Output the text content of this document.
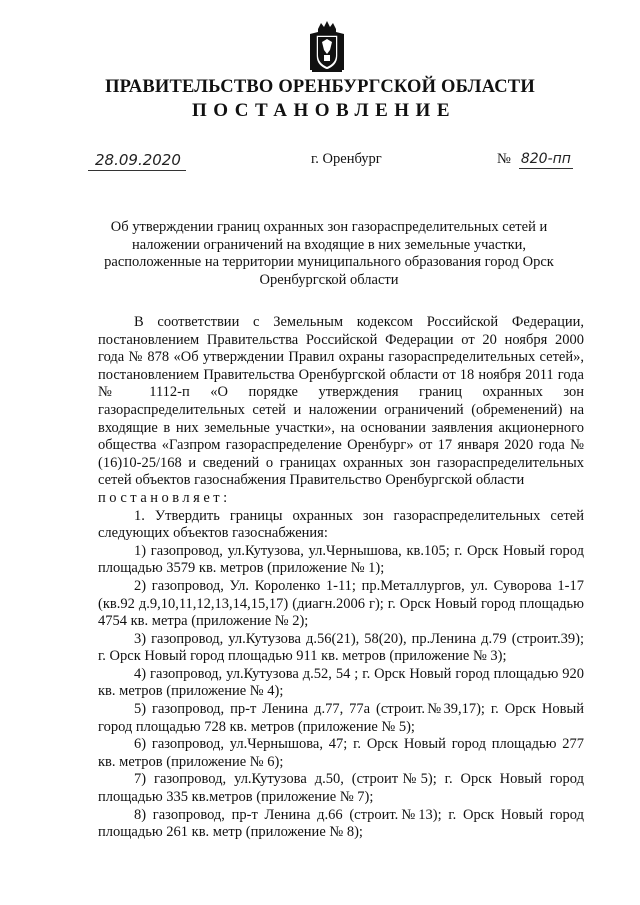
ПРАВИТЕЛЬСТВО ОРЕНБУРГСКОЙ ОБЛАСТИ
ПОСТАНОВЛЕНИЕ
28.09.2020	г. Оренбург	№ 820-пп
Об утверждении границ охранных зон газораспределительных сетей и наложении ограничений на входящие в них земельные участки, расположенные на территории муниципального образования город Орск Оренбургской области

В соответствии с Земельным кодексом Российской Федерации, постановлением Правительства Российской Федерации от 20 ноября 2000 года № 878 «Об утверждении Правил охраны газораспределительных сетей», постановлением Правительства Оренбургской области от 18 ноября 2011 года № 1112-п «О порядке утверждения границ охранных зон газораспределительных сетей и наложении ограничений (обременений) на входящие в них земельные участки», на основании заявления акционерного общества «Газпром газораспределение Оренбург» от 17 января 2020 года № (16)10-25/168 и сведений о границах охранных зон газораспределительных сетей объектов газоснабжения Правительство Оренбургской области

постановляет:

1. Утвердить границы охранных зон газораспределительных сетей следующих объектов газоснабжения:

1) газопровод, ул.Кутузова, ул.Чернышова, кв.105; г. Орск Новый город площадью 3579 кв. метров (приложение № 1);

2) газопровод, Ул. Короленко 1-11; пр.Металлургов, ул. Суворова 1-17 (кв.92 д.9,10,11,12,13,14,15,17) (диагн.2006 г); г. Орск Новый город площадью 4754 кв. метра (приложение № 2);

3) газопровод, ул.Кутузова д.56(21), 58(20), пр.Ленина д.79 (строит.39); г. Орск Новый город площадью 911 кв. метров (приложение № 3);

4) газопровод, ул.Кутузова д.52, 54 ; г. Орск Новый город площадью 920 кв. метров (приложение № 4);

5) газопровод, пр-т Ленина д.77, 77а (строит.№39,17); г. Орск Новый город площадью 728 кв. метров (приложение № 5);

6) газопровод, ул.Чернышова, 47; г. Орск Новый город площадью 277 кв. метров (приложение № 6);

7) газопровод, ул.Кутузова д.50, (строит№5); г. Орск Новый город площадью 335 кв.метров (приложение № 7);

8) газопровод, пр-т Ленина д.66 (строит.№13); г. Орск Новый город площадью 261 кв. метр (приложение № 8);
